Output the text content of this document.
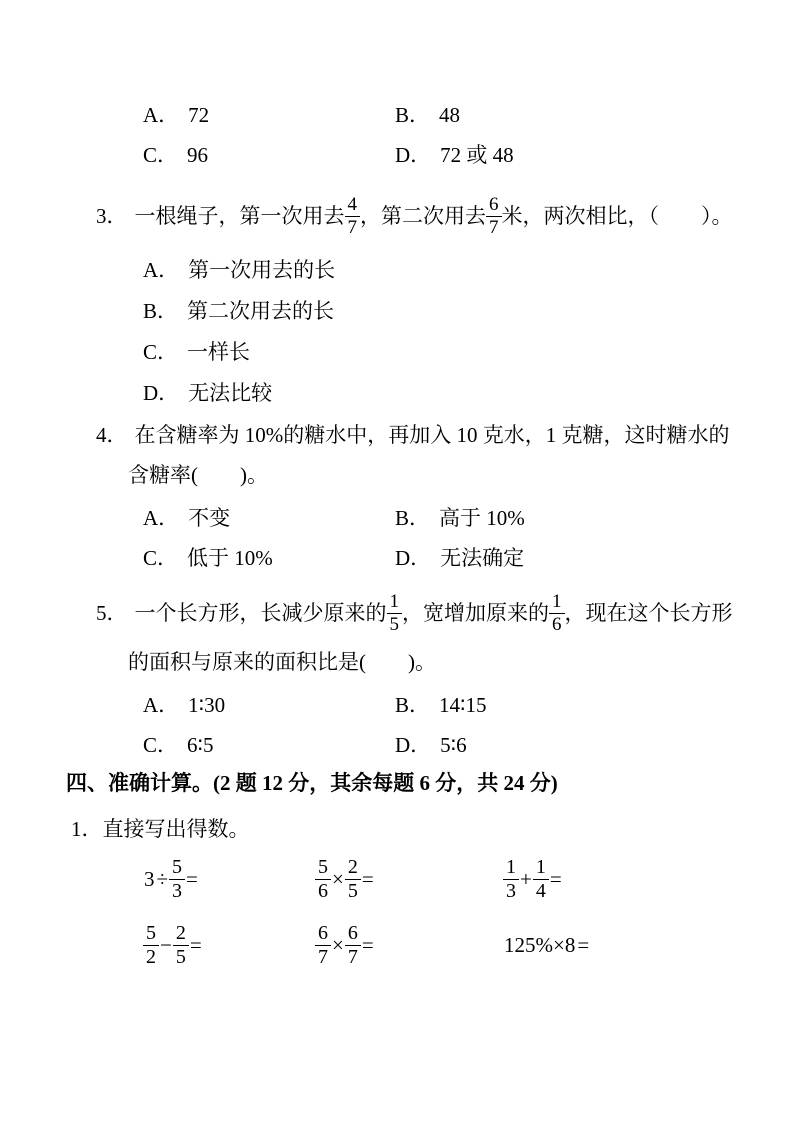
A． 72	B． 48
C． 96	D． 72 或 48
3． 一根绳子，第一次用去 $\frac{4}{7}$ ，第二次用去 $\frac{6}{7}$ 米，两次相比，（　　）。
A． 第一次用去的长
B． 第二次用去的长
C． 一样长
D． 无法比较
4． 在含糖率为 10%的糖水中，再加入 10 克水，1 克糖，这时糖水的
含糖率(　　)。
A． 不变	B． 高于 10%
C． 低于 10%	D． 无法确定
5． 一个长方形，长减少原来的 $\frac{1}{5}$ ，宽增加原来的 $\frac{1}{6}$ ，现在这个长方形
的面积与原来的面积比是(　　)。
A． 1∶30	B． 14∶15
C． 6∶5	D． 5∶6
四、准确计算。(2 题 12 分，其余每题 6 分，共 24 分)
1．直接写出得数。
$3 \div \frac{5}{3}$ =	$\frac{5}{6} \times \frac{2}{5}$ =	$\frac{1}{3} + \frac{1}{4}$ =
$\frac{5}{2} - \frac{2}{5}$ =	$\frac{6}{7} \times \frac{6}{7}$ =	125%×8 =
